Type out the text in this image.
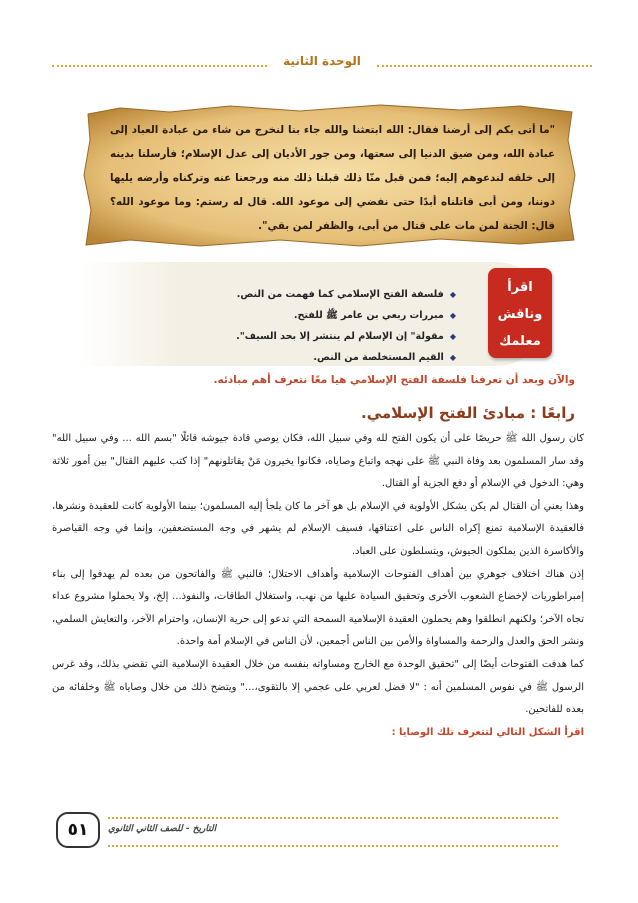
الوحدة الثانية
"ما أتى بكم إلى أرضنا فقال: الله ابتعثنا والله جاء بنا لنخرج من شاء من عبادة العباد إلى عبادة الله، ومن ضيق الدنيا إلى سعتها، ومن جور الأديان إلى عدل الإسلام؛ فأرسلنا بدينه إلى خلقه لندعوهم إليه؛ فمن قبل منّا ذلك قبلنا ذلك منه ورجعنا عنه وتركناه وأرضه يليها دوننا، ومن أبى قاتلناه أبدًا حتى نفضي إلى موعود الله. قال له رستم: وما موعود الله؟ قال: الجنة لمن مات على قتال من أبى، والظفر لمن بقي".
◆ فلسفة الفتح الإسلامي كما فهمت من النص.
◆ مبررات ربعي بن عامر ﷺ للفتح.
◆ مقولة" إن الإسلام لم ينتشر إلا بحد السيف".
◆ القيم المستخلصة من النص.
اقرأ
وناقش
معلمك
والآن وبعد أن تعرفنا فلسفة الفتح الإسلامي هيا معًا نتعرف أهم مبادئه.
رابعًا : مبادئ الفتح الإسلامي.

كان رسول الله ﷺ حريصًا على أن يكون الفتح لله وفي سبيل الله، فكان يوصي قادة جيوشه قائلًا "بسم الله ... وفي سبيل الله" وقد سار المسلمون بعد وفاة النبي ﷺ على نهجه واتباع وصاياه، فكانوا يخيرون مَنْ يقاتلونهم" إذا كتب عليهم القتال" بين أمور ثلاثة وهي: الدخول في الإسلام أو دفع الجزية أو القتال.

وهذا يعني أن القتال لم يكن يشكل الأولوية في الإسلام بل هو آخر ما كان يلجأ إليه المسلمون؛ بينما الأولوية كانت للعقيدة ونشرها، فالعقيدة الإسلامية تمنع إكراه الناس على اعتناقها، فسيف الإسلام لم يشهر في وجه المستضعفين، وإنما في وجه القياصرة والأكاسرة الذين يملكون الجيوش، ويتسلطون على العباد.

إذن هناك اختلاف جوهري بين أهداف الفتوحات الإسلامية وأهداف الاحتلال؛ فالنبي ﷺ والفاتحون من بعده لم يهدفوا إلى بناء إمبراطوريات لإخضاع الشعوب الأخرى وتحقيق السيادة عليها من نهب، واستغلال الطاقات، والنفوذ... إلخ، ولا يحملوا مشروع عداء تجاه الآخر؛ ولكنهم انطلقوا وهم يحملون العقيدة الإسلامية السمحة التي تدعو إلى حرية الإنسان، واحترام الآخر، والتعايش السلمي، ونشر الحق والعدل والرحمة والمساواة والأمن بين الناس أجمعين، لأن الناس في الإسلام أمة واحدة.

كما هدفت الفتوحات أيضًا إلى "تحقيق الوحدة مع الخارج ومساواته بنفسه من خلال العقيدة الإسلامية التي تقضي بذلك، وقد غرس الرسول ﷺ في نفوس المسلمين أنه : "لا فضل لعربي على عجمي إلا بالتقوى،..." ويتضح ذلك من خلال وصاياه ﷺ وخلفائه من بعده للفاتحين.

اقرأ الشكل التالي لتتعرف تلك الوصايا :

التاريخ - للصف الثاني الثانوي
٥١
